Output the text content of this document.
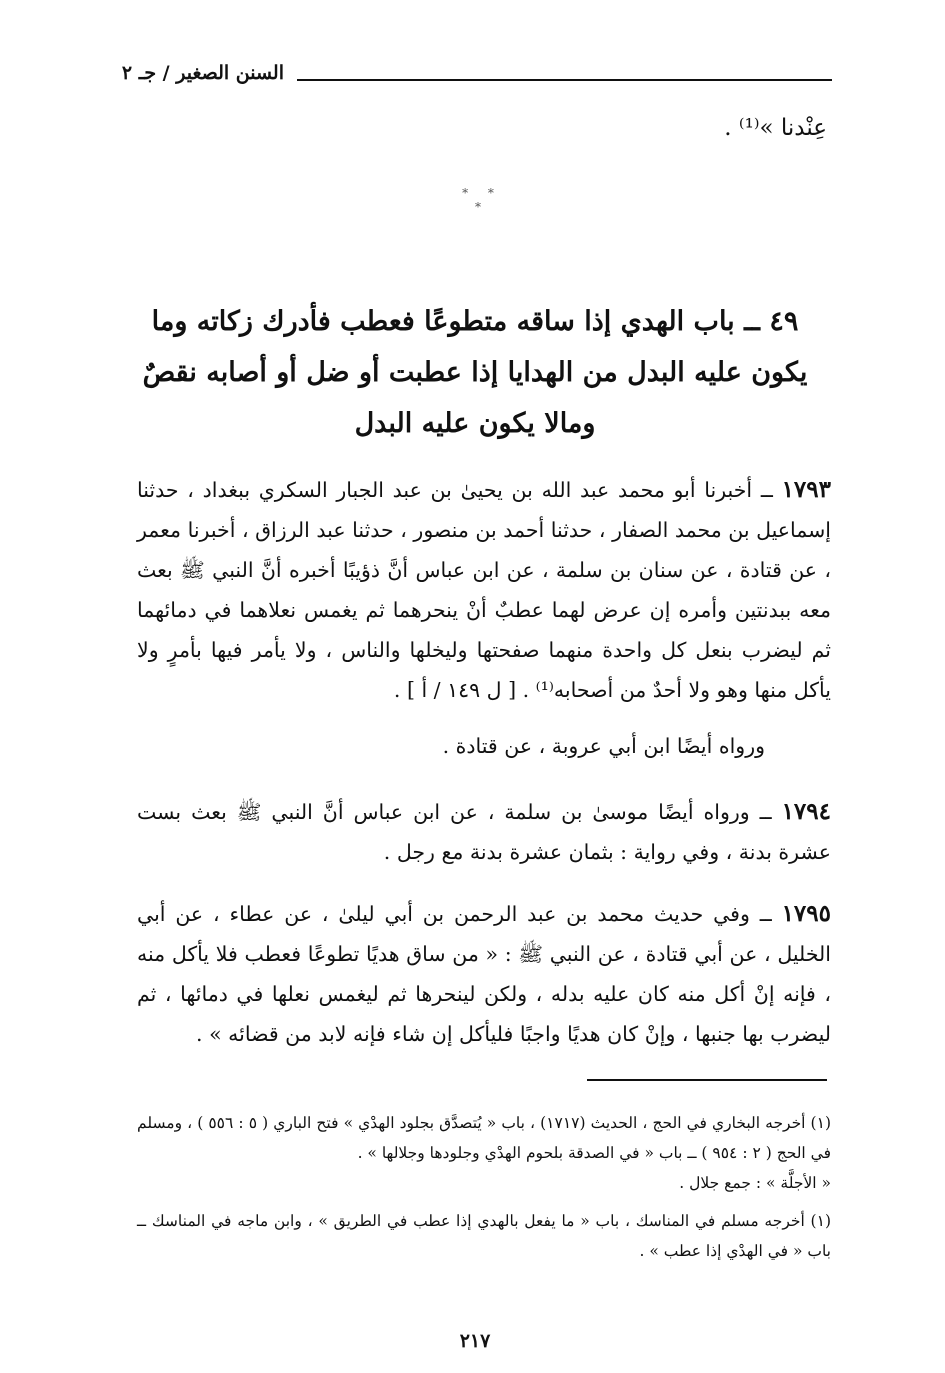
السنن الصغير / جـ ٢
عِنْدنا »⁽¹⁾ .
* * *
٤٩ ــ باب الهدي إذا ساقه متطوعًا فعطب فأدرك زكاته وما يكون عليه البدل من الهدايا إذا عطبت أو ضل أو أصابه نقصٌ ومالا يكون عليه البدل
١٧٩٣ ــ أخبرنا أبو محمد عبد الله بن يحيىٰ بن عبد الجبار السكري ببغداد ، حدثنا إسماعيل بن محمد الصفار ، حدثنا أحمد بن منصور ، حدثنا عبد الرزاق ، أخبرنا معمر ، عن قتادة ، عن سنان بن سلمة ، عن ابن عباس أنَّ ذؤيبًا أخبره أنَّ النبي ﷺ بعث معه ببدنتين وأمره إن عرض لهما عطبٌ أنْ ينحرهما ثم يغمس نعلاهما في دمائهما ثم ليضرب بنعل كل واحدة منهما صفحتها وليخلها والناس ، ولا يأمر فيها بأمرٍ ولا يأكل منها وهو ولا أحدٌ من أصحابه⁽¹⁾ . [ ل ١٤٩ / أ ] .
ورواه أيضًا ابن أبي عروبة ، عن قتادة .
١٧٩٤ ــ ورواه أيضًا موسىٰ بن سلمة ، عن ابن عباس أنَّ النبي ﷺ بعث بست عشرة بدنة ، وفي رواية : بثمان عشرة بدنة مع رجل .
١٧٩٥ ــ وفي حديث محمد بن عبد الرحمن بن أبي ليلىٰ ، عن عطاء ، عن أبي الخليل ، عن أبي قتادة ، عن النبي ﷺ : « من ساق هديًا تطوعًا فعطب فلا يأكل منه ، فإنه إنْ أكل منه كان عليه بدله ، ولكن لينحرها ثم ليغمس نعلها في دمائها ، ثم ليضرب بها جنبها ، وإنْ كان هديًا واجبًا فليأكل إن شاء فإنه لابد من قضائه » .
(١) أخرجه البخاري في الحج ، الحديث (١٧١٧) ، باب « يُتصدَّق بجلود الهدْي » فتح الباري ( ٥ : ٥٥٦ ) ، ومسلم في الحج ( ٢ : ٩٥٤ ) ــ باب « في الصدقة بلحوم الهدْي وجلودها وجلالها » .
« الأجلَّة » : جمع جلال .
(١) أخرجه مسلم في المناسك ، باب « ما يفعل بالهدي إذا عطب في الطريق » ، وابن ماجه في المناسك ــ باب « في الهدْي إذا عطب » .
٢١٧
